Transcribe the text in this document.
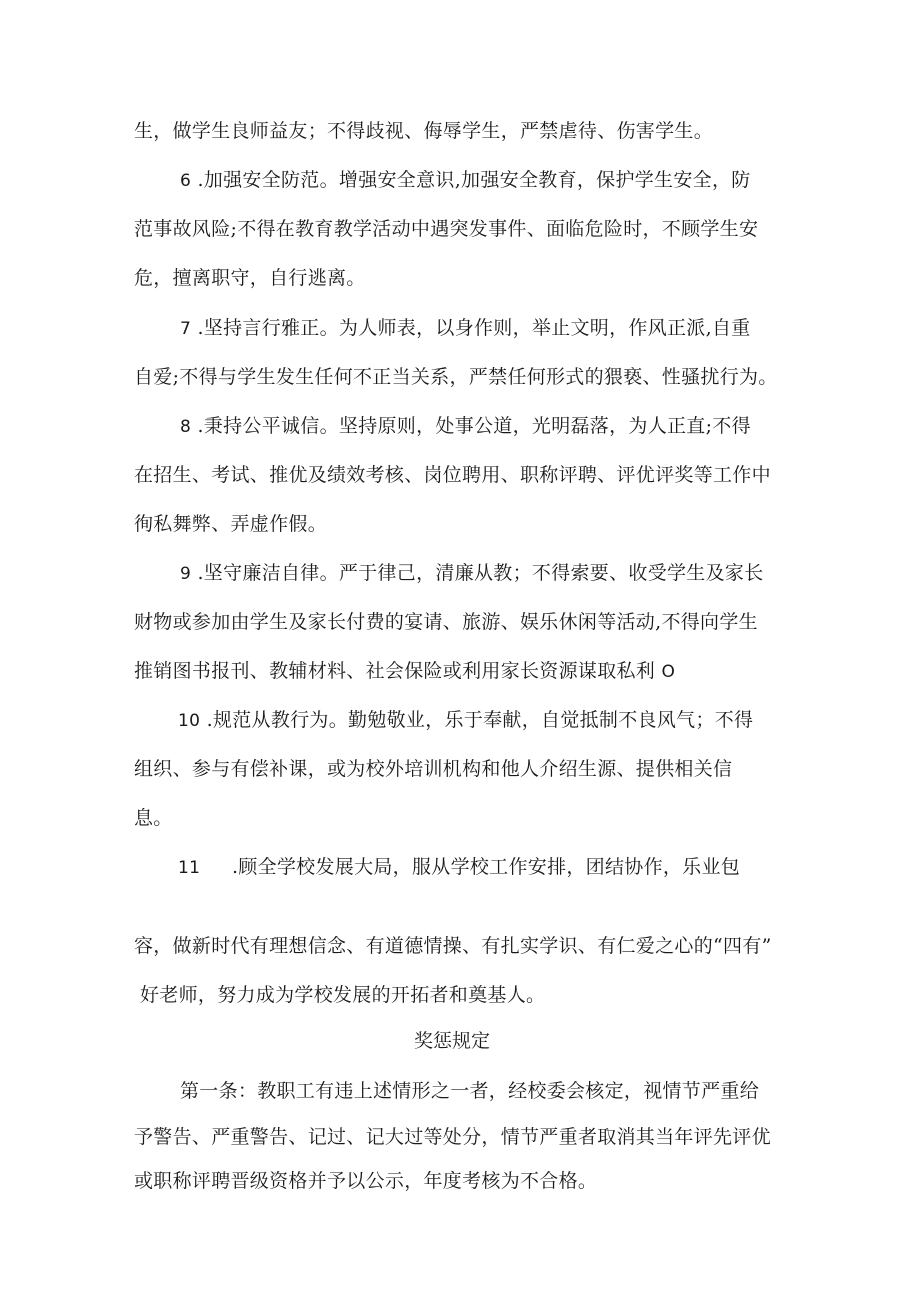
生，做学生良师益友；不得歧视、侮辱学生，严禁虐待、伤害学生。

6 .加强安全防范。增强安全意识,加强安全教育，保护学生安全，防

范事故风险;不得在教育教学活动中遇突发事件、面临危险时，不顾学生安

危，擅离职守，自行逃离。

7 .坚持言行雅正。为人师表，以身作则，举止文明，作风正派,自重

自爱;不得与学生发生任何不正当关系，严禁任何形式的猥亵、性骚扰行为。

8 .秉持公平诚信。坚持原则，处事公道，光明磊落，为人正直;不得

在招生、考试、推优及绩效考核、岗位聘用、职称评聘、评优评奖等工作中

徇私舞弊、弄虚作假。

9 .坚守廉洁自律。严于律己，清廉从教；不得索要、收受学生及家长

财物或参加由学生及家长付费的宴请、旅游、娱乐休闲等活动,不得向学生

推销图书报刊、教辅材料、社会保险或利用家长资源谋取私利 O

10 .规范从教行为。勤勉敬业，乐于奉献，自觉抵制不良风气；不得

组织、参与有偿补课，或为校外培训机构和他人介绍生源、提供相关信

息。

11 .顾全学校发展大局，服从学校工作安排，团结协作，乐业包

容，做新时代有理想信念、有道德情操、有扎实学识、有仁爱之心的“四有”

好老师，努力成为学校发展的开拓者和奠基人。

奖惩规定

第一条：教职工有违上述情形之一者，经校委会核定，视情节严重给

予警告、严重警告、记过、记大过等处分，情节严重者取消其当年评先评优

或职称评聘晋级资格并予以公示，年度考核为不合格。
